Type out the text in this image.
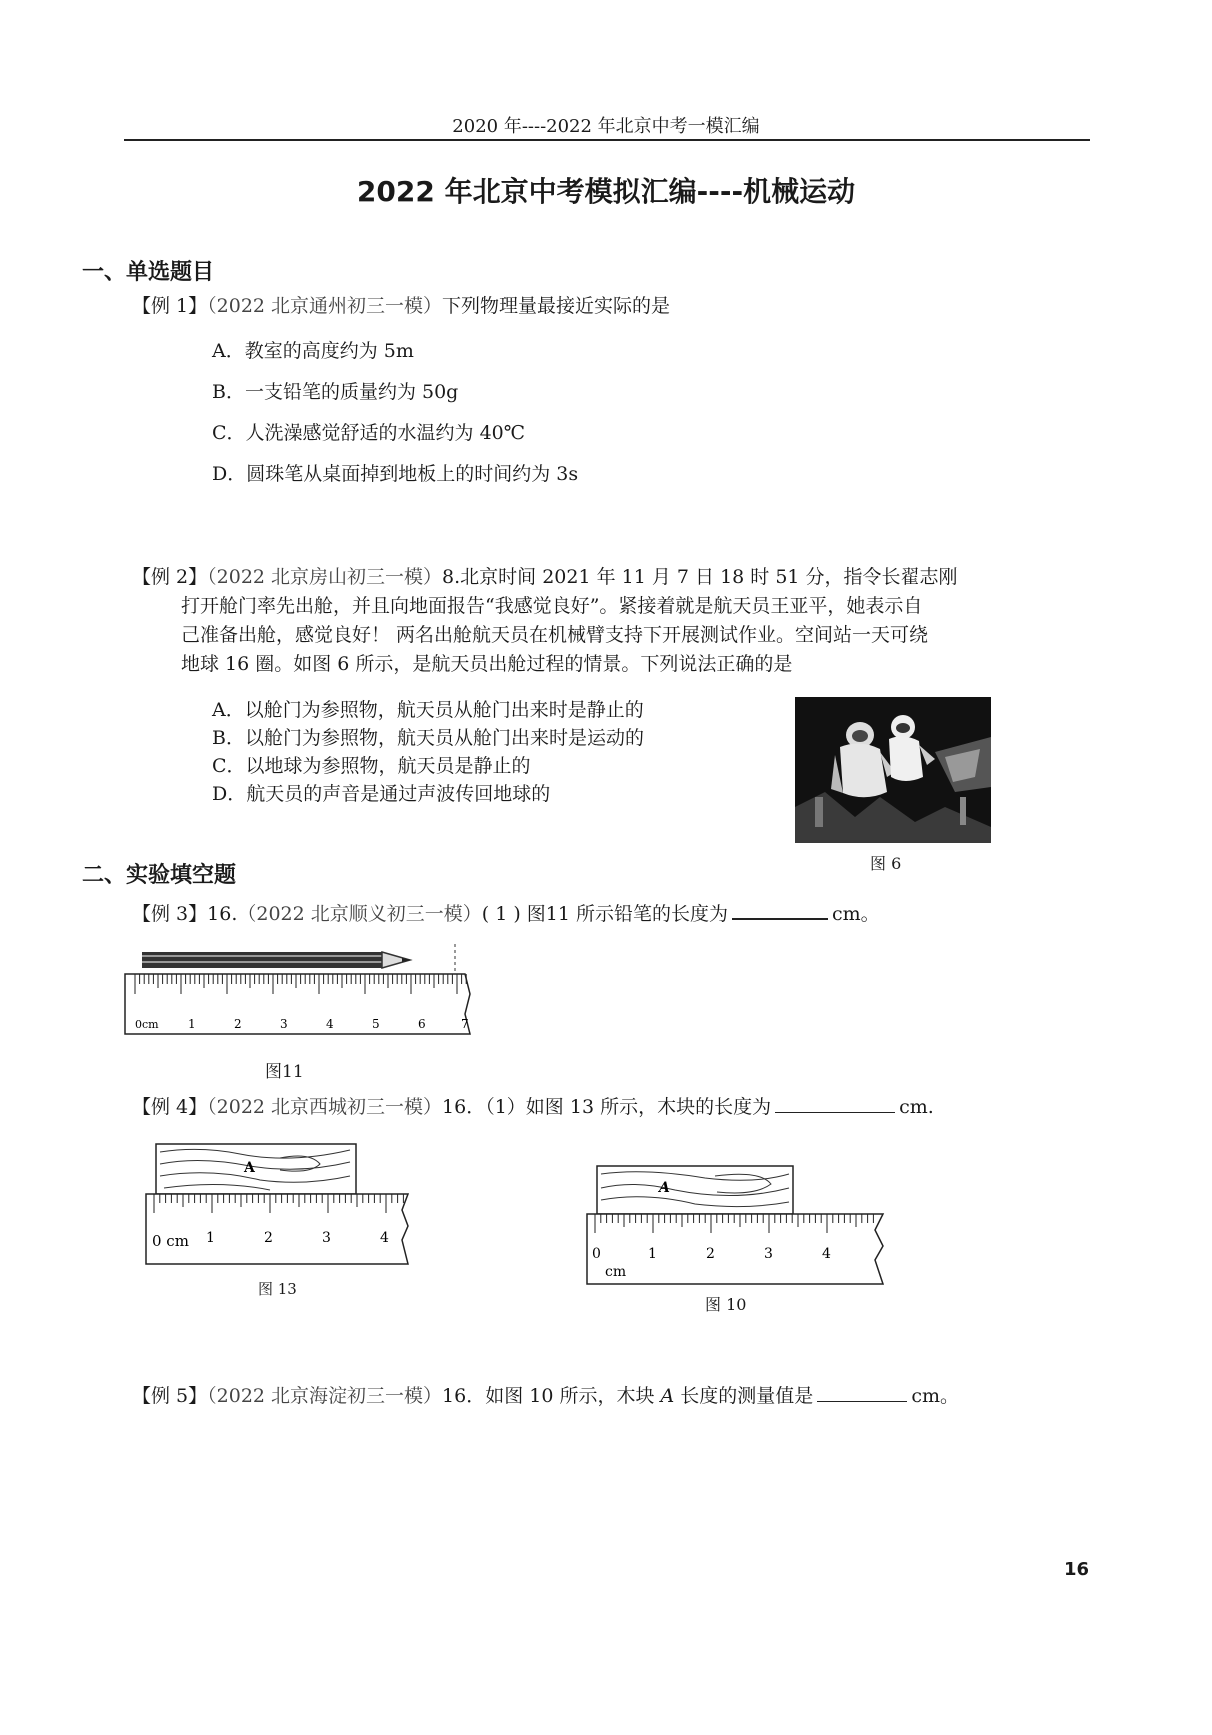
2020 年----2022 年北京中考一模汇编
2022 年北京中考模拟汇编----机械运动
一、单选题目
【例 1】（2022 北京通州初三一模）下列物理量最接近实际的是
A．教室的高度约为 5m
B．一支铅笔的质量约为 50g
C．人洗澡感觉舒适的水温约为 40℃
D．圆珠笔从桌面掉到地板上的时间约为 3s
【例 2】（2022 北京房山初三一模）8.北京时间 2021 年 11 月 7 日 18 时 51 分，指令长翟志刚
打开舱门率先出舱，并且向地面报告“我感觉良好”。紧接着就是航天员王亚平，她表示自
己准备出舱，感觉良好！ 两名出舱航天员在机械臂支持下开展测试作业。空间站一天可绕
地球 16 圈。如图 6 所示，是航天员出舱过程的情景。下列说法正确的是
A．以舱门为参照物，航天员从舱门出来时是静止的
B．以舱门为参照物，航天员从舱门出来时是运动的
C．以地球为参照物，航天员是静止的
D．航天员的声音是通过声波传回地球的
图 6
二、实验填空题
【例 3】16.（2022 北京顺义初三一模）( 1 ) 图11 所示铅笔的长度为	cm。
0cm 1	2	3	4	5	6	7
图11
【例 4】（2022 北京西城初三一模）16．（1）如图 13 所示，木块的长度为	cm.
A
0 cm 1	2	3	4
图 13
A
0	1	2	3	4
cm
图 10
【例 5】（2022 北京海淀初三一模）16．如图 10 所示，木块 A 长度的测量值是	cm。
16
